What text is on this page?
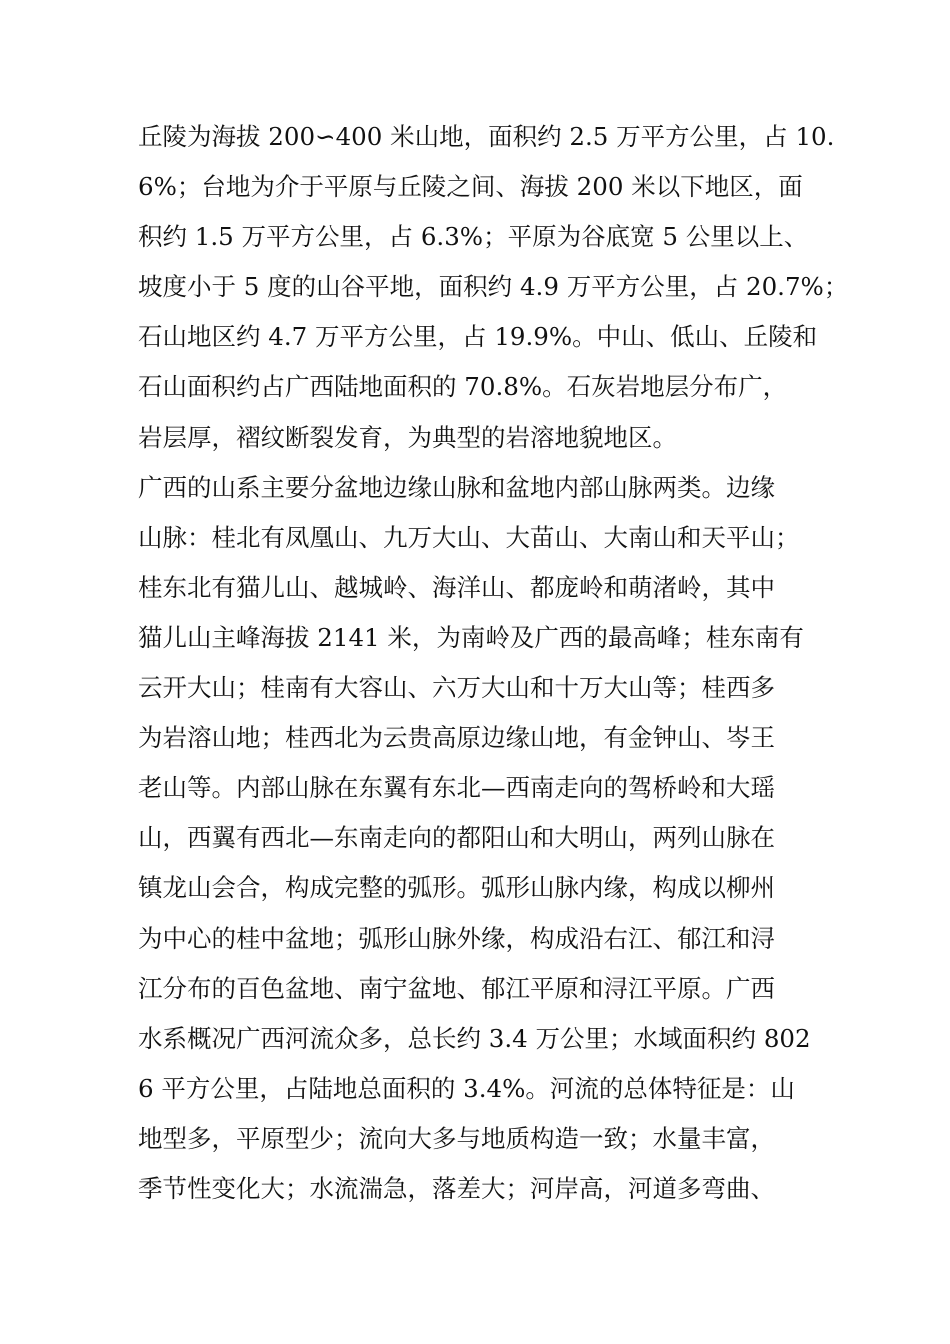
丘陵为海拔 200∽400 米山地，面积约 2.5 万平方公里，占 10.
6%；台地为介于平原与丘陵之间、海拔 200 米以下地区，面
积约 1.5 万平方公里，占 6.3%；平原为谷底宽 5 公里以上、
坡度小于 5 度的山谷平地，面积约 4.9 万平方公里，占 20.7%；
石山地区约 4.7 万平方公里，占 19.9%。中山、低山、丘陵和
石山面积约占广西陆地面积的 70.8%。石灰岩地层分布广，
岩层厚，褶纹断裂发育，为典型的岩溶地貌地区。
广西的山系主要分盆地边缘山脉和盆地内部山脉两类。边缘
山脉：桂北有凤凰山、九万大山、大苗山、大南山和天平山；
桂东北有猫儿山、越城岭、海洋山、都庞岭和萌渚岭，其中
猫儿山主峰海拔 2141 米，为南岭及广西的最高峰；桂东南有
云开大山；桂南有大容山、六万大山和十万大山等；桂西多
为岩溶山地；桂西北为云贵高原边缘山地，有金钟山、岑王
老山等。内部山脉在东翼有东北—西南走向的驾桥岭和大瑶
山，西翼有西北—东南走向的都阳山和大明山，两列山脉在
镇龙山会合，构成完整的弧形。弧形山脉内缘，构成以柳州
为中心的桂中盆地；弧形山脉外缘，构成沿右江、郁江和浔
江分布的百色盆地、南宁盆地、郁江平原和浔江平原。广西
水系概况广西河流众多，总长约 3.4 万公里；水域面积约 802
6 平方公里，占陆地总面积的 3.4%。河流的总体特征是：山
地型多，平原型少；流向大多与地质构造一致；水量丰富，
季节性变化大；水流湍急，落差大；河岸高，河道多弯曲、
